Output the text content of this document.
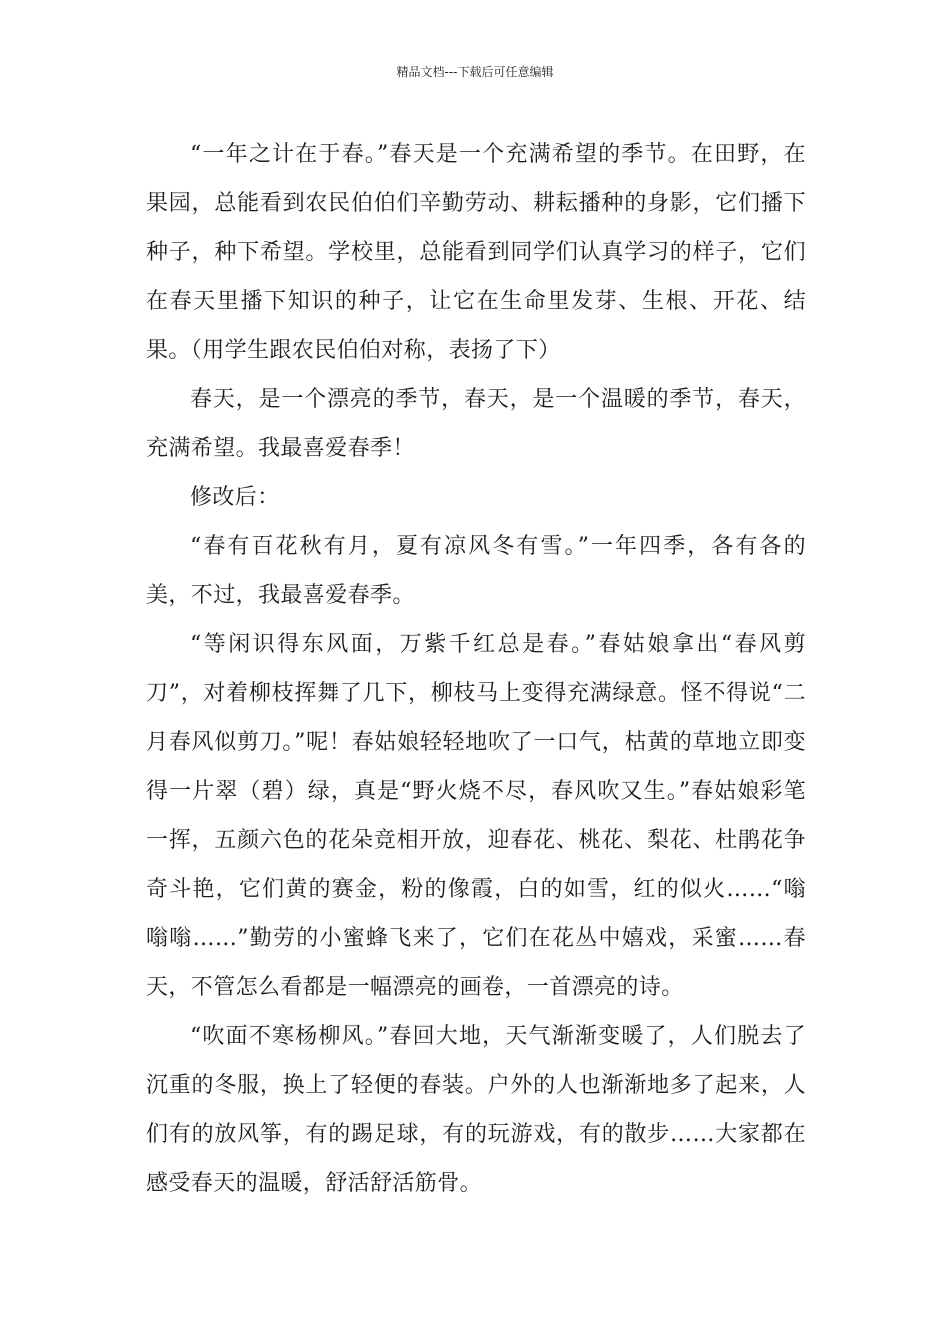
精品文档---下载后可任意编辑

“一年之计在于春。”春天是一个充满希望的季节。在田野，在果园，总能看到农民伯伯们辛勤劳动、耕耘播种的身影，它们播下种子，种下希望。学校里，总能看到同学们认真学习的样子，它们在春天里播下知识的种子，让它在生命里发芽、生根、开花、结果。（用学生跟农民伯伯对称，表扬了下）

春天，是一个漂亮的季节，春天，是一个温暖的季节，春天，充满希望。我最喜爱春季！

修改后：

“春有百花秋有月，夏有凉风冬有雪。”一年四季，各有各的美，不过，我最喜爱春季。

“等闲识得东风面，万紫千红总是春。”春姑娘拿出“春风剪刀”，对着柳枝挥舞了几下，柳枝马上变得充满绿意。怪不得说“二月春风似剪刀。”呢！春姑娘轻轻地吹了一口气，枯黄的草地立即变得一片翠（碧）绿，真是“野火烧不尽，春风吹又生。”春姑娘彩笔一挥，五颜六色的花朵竞相开放，迎春花、桃花、梨花、杜鹃花争奇斗艳，它们黄的赛金，粉的像霞，白的如雪，红的似火……“嗡嗡嗡……”勤劳的小蜜蜂飞来了，它们在花丛中嬉戏，采蜜……春天，不管怎么看都是一幅漂亮的画卷，一首漂亮的诗。

“吹面不寒杨柳风。”春回大地，天气渐渐变暖了，人们脱去了沉重的冬服，换上了轻便的春装。户外的人也渐渐地多了起来，人们有的放风筝，有的踢足球，有的玩游戏，有的散步……大家都在感受春天的温暖，舒活舒活筋骨。
